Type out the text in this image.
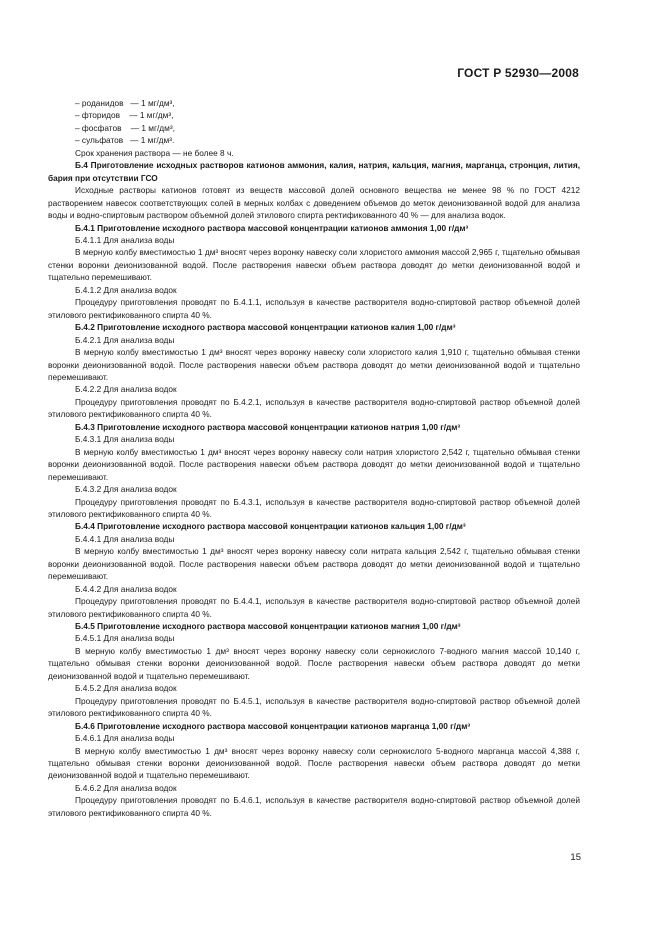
ГОСТ Р 52930—2008

– роданидов   — 1 мг/дм³,

– фторидов    — 1 мг/дм³,

– фосфатов    — 1 мг/дм³,

– сульфатов   — 1 мг/дм³.

Срок хранения раствора — не более 8 ч.

Б.4 Приготовление исходных растворов катионов аммония, калия, натрия, кальция, магния, марганца, стронция, лития, бария при отсутствии ГСО

Исходные растворы катионов готовят из веществ массовой долей основного вещества не менее 98 % по ГОСТ 4212 растворением навесок соответствующих солей в мерных колбах с доведением объемов до меток деионизованной водой для анализа воды и водно-спиртовым раствором объемной долей этилового спирта ректификованного 40 % — для анализа водок.

Б.4.1 Приготовление исходного раствора массовой концентрации катионов аммония 1,00 г/дм³

Б.4.1.1 Для анализа воды

В мерную колбу вместимостью 1 дм³ вносят через воронку навеску соли хлористого аммония массой 2,965 г, тщательно обмывая стенки воронки деионизованной водой. После растворения навески объем раствора доводят до метки деионизованной водой и тщательно перемешивают.

Б.4.1.2 Для анализа водок

Процедуру приготовления проводят по Б.4.1.1, используя в качестве растворителя водно-спиртовой раствор объемной долей этилового ректификованного спирта 40 %.

Б.4.2 Приготовление исходного раствора массовой концентрации катионов калия 1,00 г/дм³

Б.4.2.1 Для анализа воды

В мерную колбу вместимостью 1 дм³ вносят через воронку навеску соли хлористого калия 1,910 г, тщательно обмывая стенки воронки деионизованной водой. После растворения навески объем раствора доводят до метки деионизованной водой и тщательно перемешивают.

Б.4.2.2 Для анализа водок

Процедуру приготовления проводят по Б.4.2.1, используя в качестве растворителя водно-спиртовой раствор объемной долей этилового ректификованного спирта 40 %.

Б.4.3 Приготовление исходного раствора массовой концентрации катионов натрия 1,00 г/дм³

Б.4.3.1 Для анализа воды

В мерную колбу вместимостью 1 дм³ вносят через воронку навеску соли натрия хлористого 2,542 г, тщательно обмывая стенки воронки деионизованной водой. После растворения навески объем раствора доводят до метки деионизованной водой и тщательно перемешивают.

Б.4.3.2 Для анализа водок

Процедуру приготовления проводят по Б.4.3.1, используя в качестве растворителя водно-спиртовой раствор объемной долей этилового ректификованного спирта 40 %.

Б.4.4 Приготовление исходного раствора массовой концентрации катионов кальция 1,00 г/дм³

Б.4.4.1 Для анализа воды

В мерную колбу вместимостью 1 дм³ вносят через воронку навеску соли нитрата кальция 2,542 г, тщательно обмывая стенки воронки деионизованной водой. После растворения навески объем раствора доводят до метки деионизованной водой и тщательно перемешивают.

Б.4.4.2 Для анализа водок

Процедуру приготовления проводят по Б.4.4.1, используя в качестве растворителя водно-спиртовой раствор объемной долей этилового ректификованного спирта 40 %.

Б.4.5 Приготовление исходного раствора массовой концентрации катионов магния 1,00 г/дм³

Б.4.5.1 Для анализа воды

В мерную колбу вместимостью 1 дм³ вносят через воронку навеску соли сернокислого 7-водного магния массой 10,140 г, тщательно обмывая стенки воронки деионизованной водой. После растворения навески объем раствора доводят до метки деионизованной водой и тщательно перемешивают.

Б.4.5.2 Для анализа водок

Процедуру приготовления проводят по Б.4.5.1, используя в качестве растворителя водно-спиртовой раствор объемной долей этилового ректификованного спирта 40 %.

Б.4.6 Приготовление исходного раствора массовой концентрации катионов марганца 1,00 г/дм³

Б.4.6.1 Для анализа воды

В мерную колбу вместимостью 1 дм³ вносят через воронку навеску соли сернокислого 5-водного марганца массой 4,388 г, тщательно обмывая стенки воронки деионизованной водой. После растворения навески объем раствора доводят до метки деионизованной водой и тщательно перемешивают.

Б.4.6.2 Для анализа водок

Процедуру приготовления проводят по Б.4.6.1, используя в качестве растворителя водно-спиртовой раствор объемной долей этилового ректификованного спирта 40 %.

15
